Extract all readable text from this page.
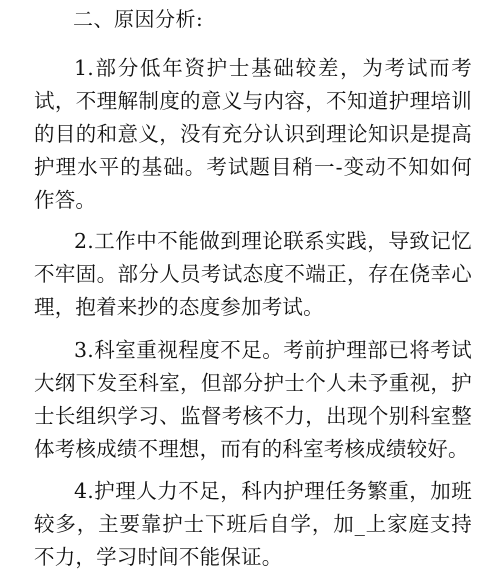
二、原因分析:

1.部分低年资护士基础较差，为考试而考试，不理解制度的意义与内容，不知道护理培训的目的和意义，没有充分认识到理论知识是提高护理水平的基础。考试题目稍一-变动不知如何作答。

2.工作中不能做到理论联系实践，导致记忆不牢固。部分人员考试态度不端正，存在侥幸心理，抱着来抄的态度参加考试。

3.科室重视程度不足。考前护理部已将考试大纲下发至科室，但部分护士个人未予重视，护士长组织学习、监督考核不力，出现个别科室整体考核成绩不理想，而有的科室考核成绩较好。

4.护理人力不足，科内护理任务繁重，加班较多，主要靠护士下班后自学，加_上家庭支持不力，学习时间不能保证。
